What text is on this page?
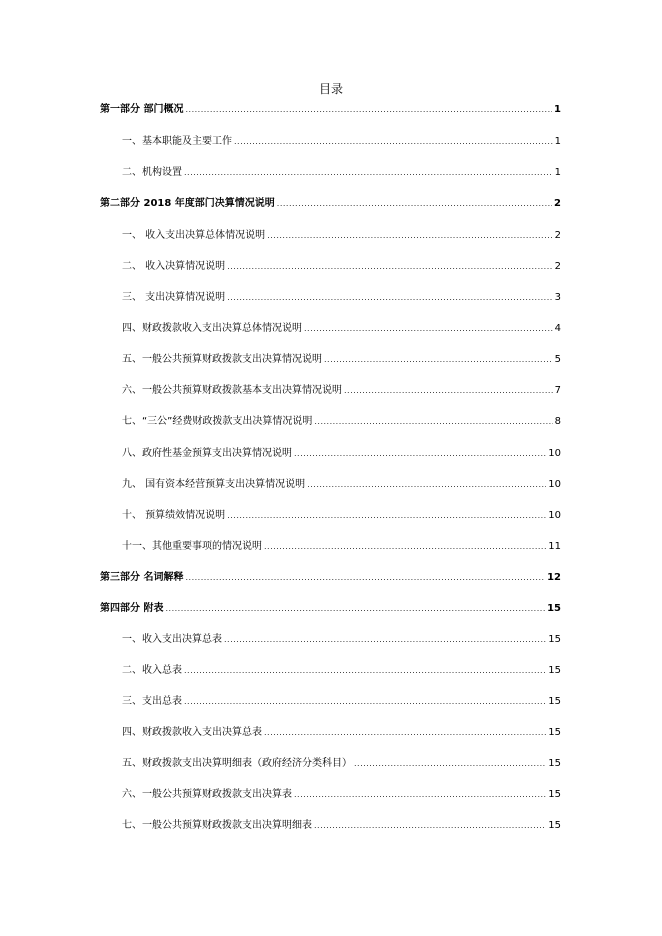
目录
第一部分 部门概况 .....	1
一、基本职能及主要工作 .....	1
二、机构设置 .....	1
第二部分 2018 年度部门决算情况说明 .....	2
一、 收入支出决算总体情况说明 .....	2
二、 收入决算情况说明 .....	2
三、 支出决算情况说明 .....	3
四、财政拨款收入支出决算总体情况说明 .....	4
五、一般公共预算财政拨款支出决算情况说明 .....	5
六、一般公共预算财政拨款基本支出决算情况说明 .....	7
七、“三公”经费财政拨款支出决算情况说明 .....	8
八、政府性基金预算支出决算情况说明 .....	10
九、 国有资本经营预算支出决算情况说明 .....	10
十、 预算绩效情况说明 .....	10
十一、其他重要事项的情况说明 .....	11
第三部分 名词解释 .....	12
第四部分 附表 .....	15
一、收入支出决算总表 .....	15
二、收入总表 .....	15
三、支出总表 .....	15
四、财政拨款收入支出决算总表 .....	15
五、财政拨款支出决算明细表（政府经济分类科目） .....	15
六、一般公共预算财政拨款支出决算表 .....	15
七、一般公共预算财政拨款支出决算明细表 .....	15
